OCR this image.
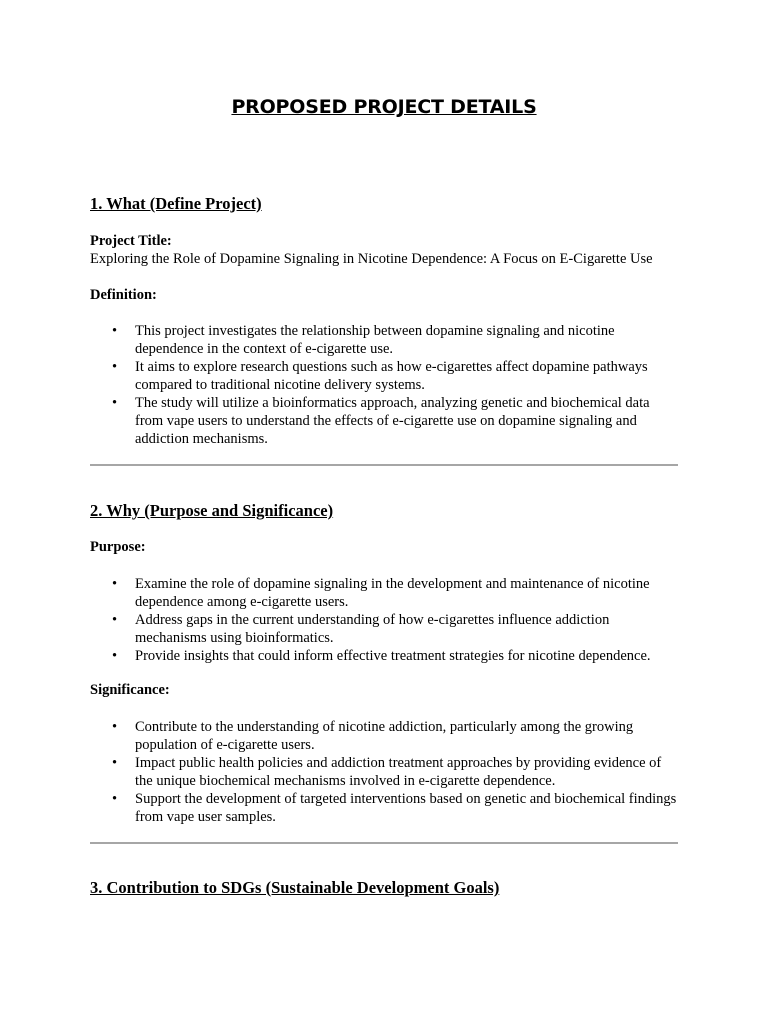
PROPOSED PROJECT DETAILS
1. What (Define Project)

Project Title:

Exploring the Role of Dopamine Signaling in Nicotine Dependence: A Focus on E-Cigarette Use

Definition:

• This project investigates the relationship between dopamine signaling and nicotine dependence in the context of e-cigarette use.
• It aims to explore research questions such as how e-cigarettes affect dopamine pathways compared to traditional nicotine delivery systems.
• The study will utilize a bioinformatics approach, analyzing genetic and biochemical data from vape users to understand the effects of e-cigarette use on dopamine signaling and addiction mechanisms.
2. Why (Purpose and Significance)

Purpose:

• Examine the role of dopamine signaling in the development and maintenance of nicotine dependence among e-cigarette users.
• Address gaps in the current understanding of how e-cigarettes influence addiction mechanisms using bioinformatics.
• Provide insights that could inform effective treatment strategies for nicotine dependence.

Significance:

• Contribute to the understanding of nicotine addiction, particularly among the growing population of e-cigarette users.
• Impact public health policies and addiction treatment approaches by providing evidence of the unique biochemical mechanisms involved in e-cigarette dependence.
• Support the development of targeted interventions based on genetic and biochemical findings from vape user samples.
3. Contribution to SDGs (Sustainable Development Goals)
